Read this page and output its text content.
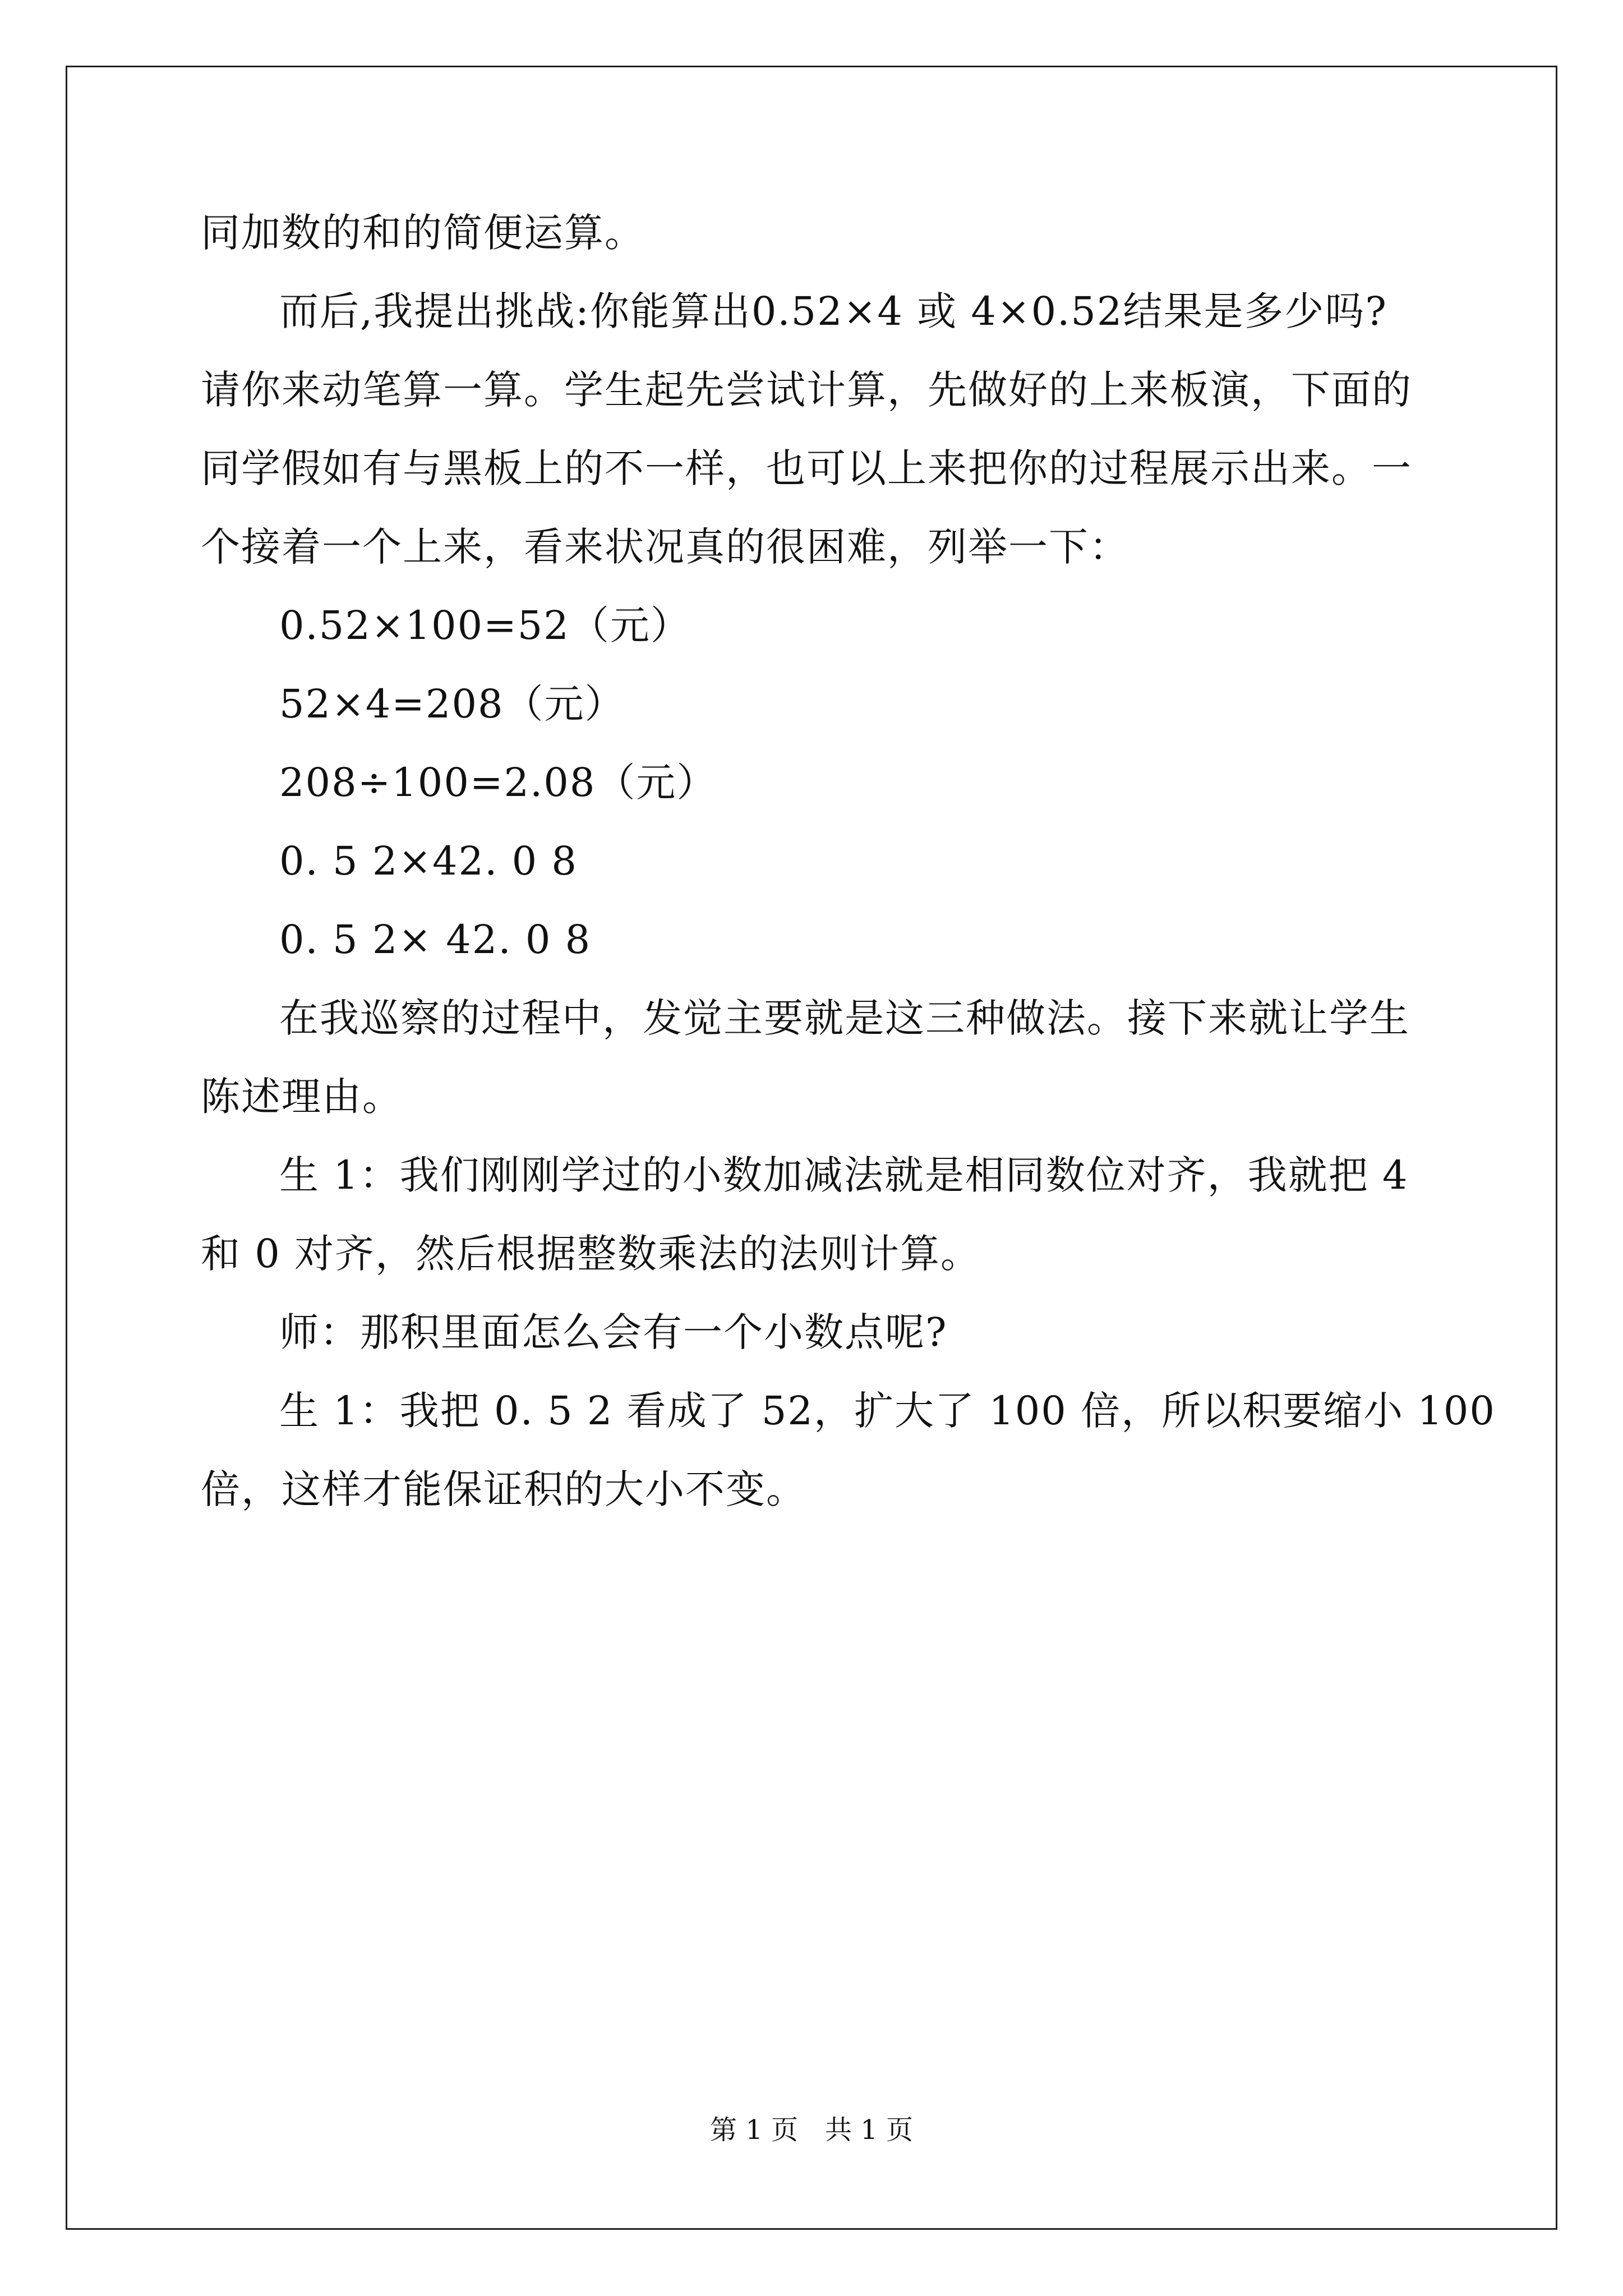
同加数的和的简便运算。
而后,我提出挑战:你能算出0.52×4 或 4×0.52结果是多少吗?
请你来动笔算一算。学生起先尝试计算，先做好的上来板演，下面的
同学假如有与黑板上的不一样，也可以上来把你的过程展示出来。一
个接着一个上来，看来状况真的很困难，列举一下：
0.52×100=52（元）
52×4=208（元）
208÷100=2.08（元）
0. 5 2×42. 0 8
0. 5 2× 42. 0 8
在我巡察的过程中，发觉主要就是这三种做法。接下来就让学生
陈述理由。
生 1：我们刚刚学过的小数加减法就是相同数位对齐，我就把 4
和 0 对齐，然后根据整数乘法的法则计算。
师：那积里面怎么会有一个小数点呢?
生 1：我把 0. 5 2 看成了 52，扩大了 100 倍，所以积要缩小 100
倍，这样才能保证积的大小不变。
第 1 页　共 1 页
